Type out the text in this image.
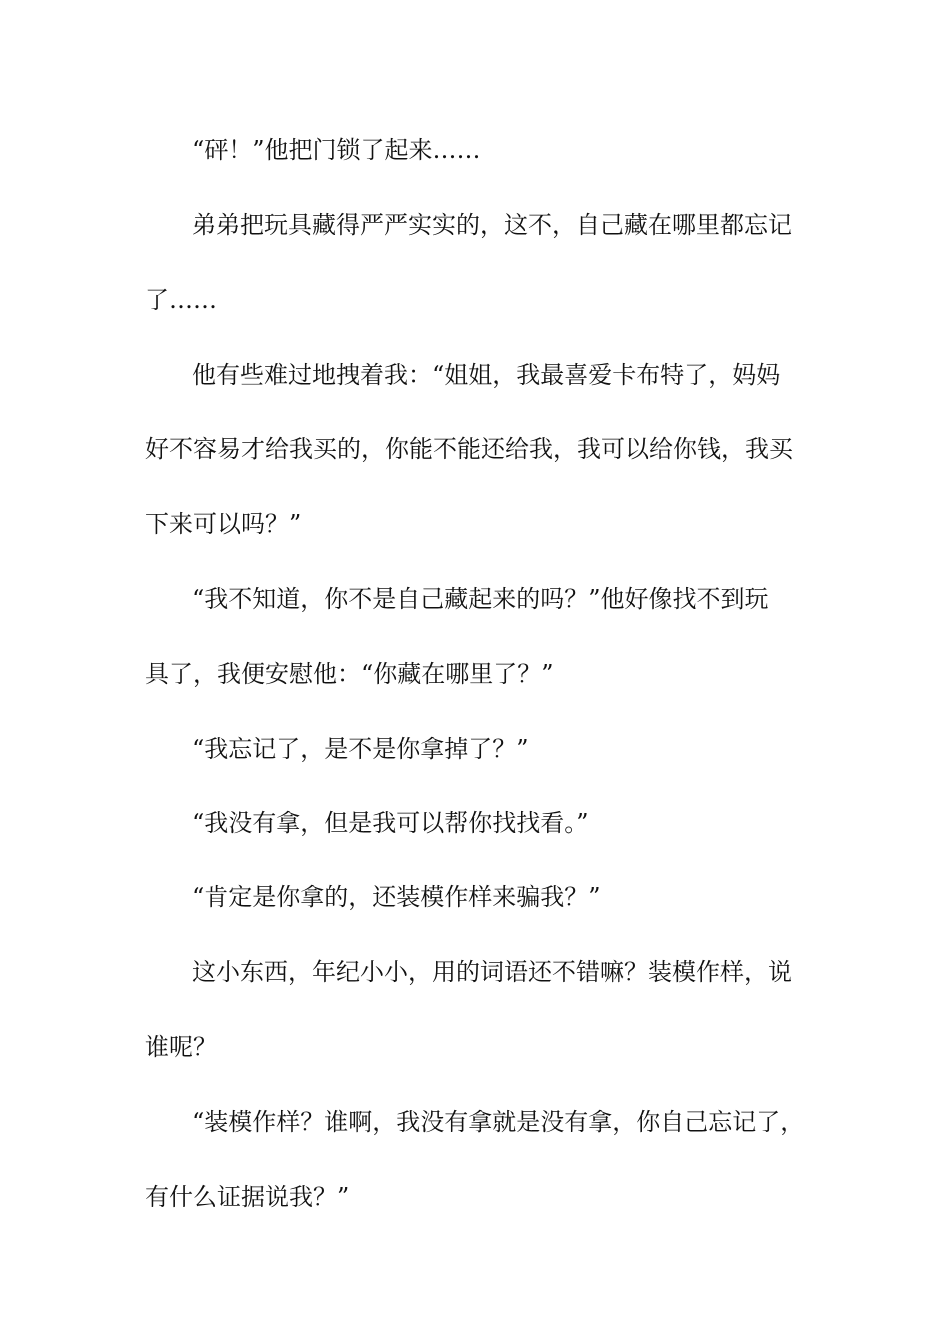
“砰！”他把门锁了起来……
弟弟把玩具藏得严严实实的，这不，自己藏在哪里都忘记
了……
他有些难过地拽着我：“姐姐，我最喜爱卡布特了，妈妈
好不容易才给我买的，你能不能还给我，我可以给你钱，我买
下来可以吗？”
“我不知道，你不是自己藏起来的吗？”他好像找不到玩
具了，我便安慰他：“你藏在哪里了？”
“我忘记了，是不是你拿掉了？”
“我没有拿，但是我可以帮你找找看。”
“肯定是你拿的，还装模作样来骗我？”
这小东西，年纪小小，用的词语还不错嘛？装模作样，说
谁呢？
“装模作样？谁啊，我没有拿就是没有拿，你自己忘记了，
有什么证据说我？”
